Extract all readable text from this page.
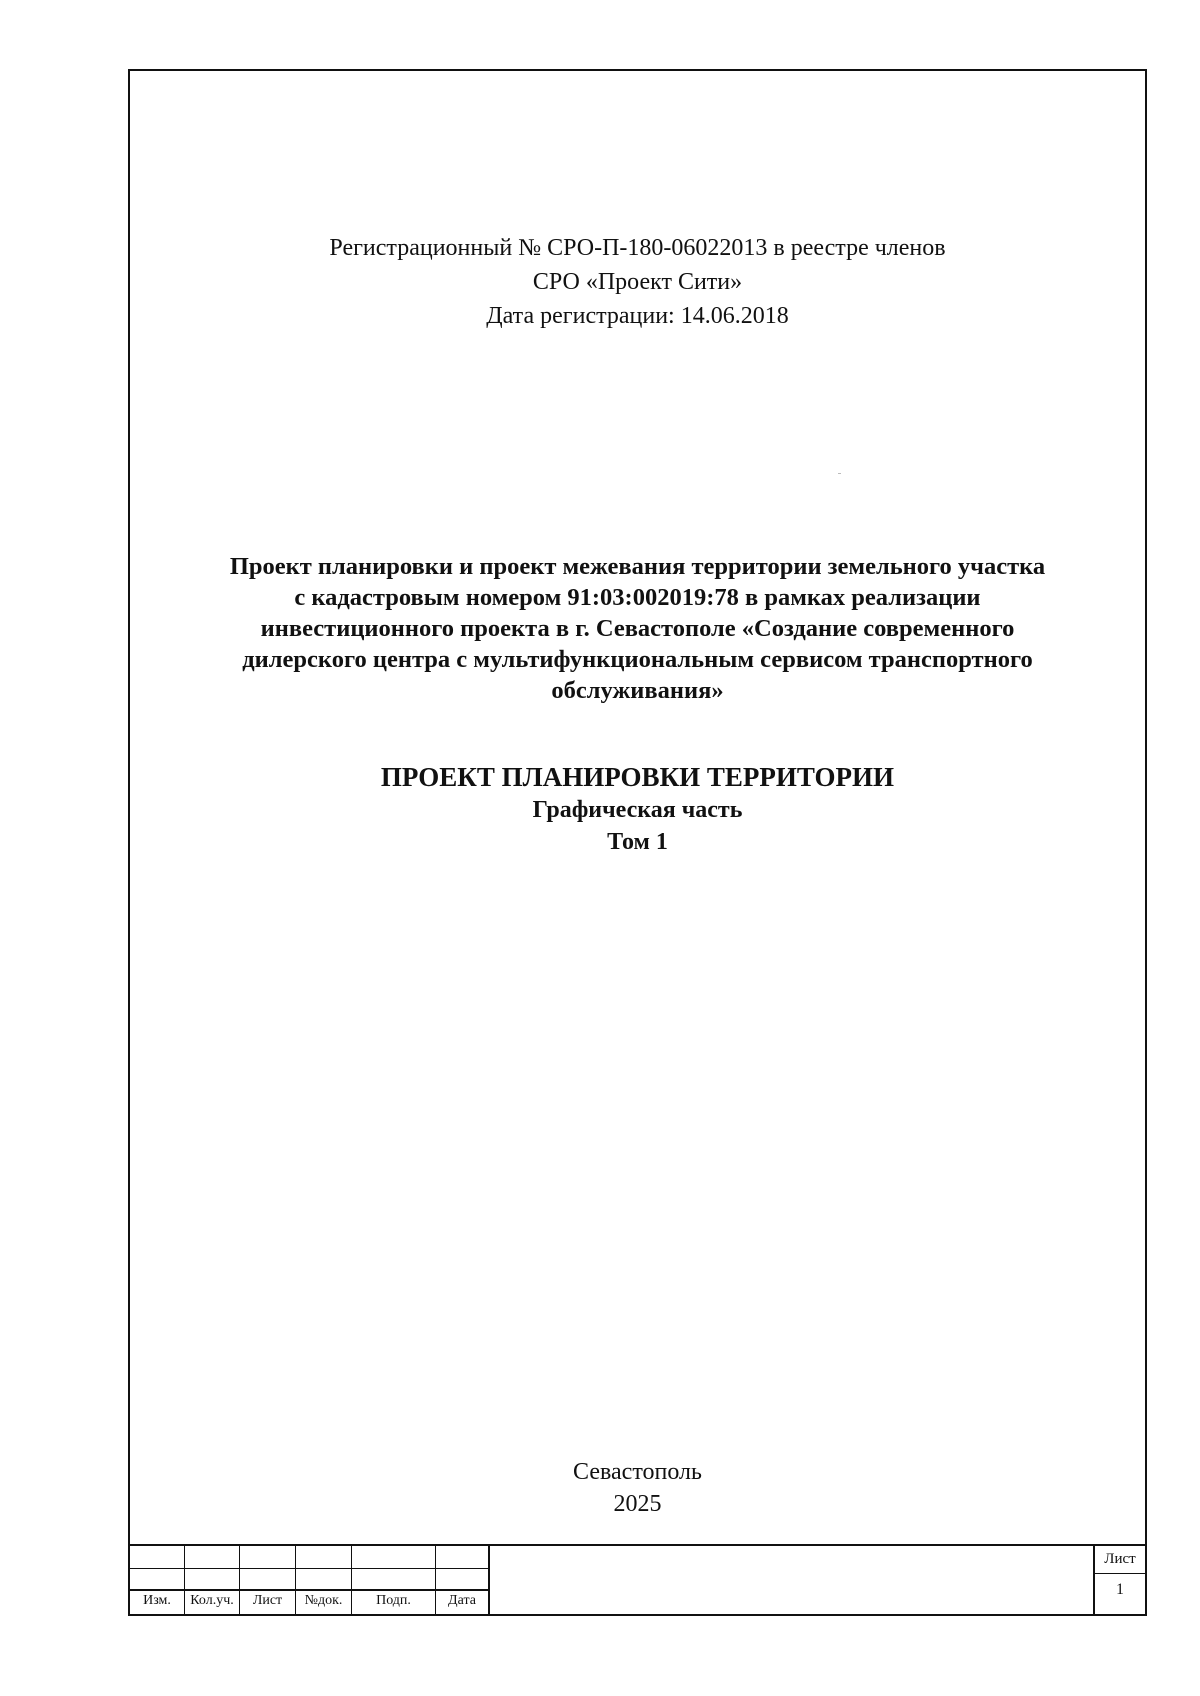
Регистрационный № СРО-П-180-06022013 в реестре членов
СРО «Проект Сити»
Дата регистрации: 14.06.2018
Проект планировки и проект межевания территории земельного участка
с кадастровым номером 91:03:002019:78 в рамках реализации
инвестиционного проекта в г. Севастополе «Создание современного
дилерского центра с мультифункциональным сервисом транспортного
обслуживания»
ПРОЕКТ ПЛАНИРОВКИ ТЕРРИТОРИИ
Графическая часть
Том 1
Севастополь
2025
Изм.	Кол.уч.	Лист	№док.	Подп.	Дата
Лист
1
